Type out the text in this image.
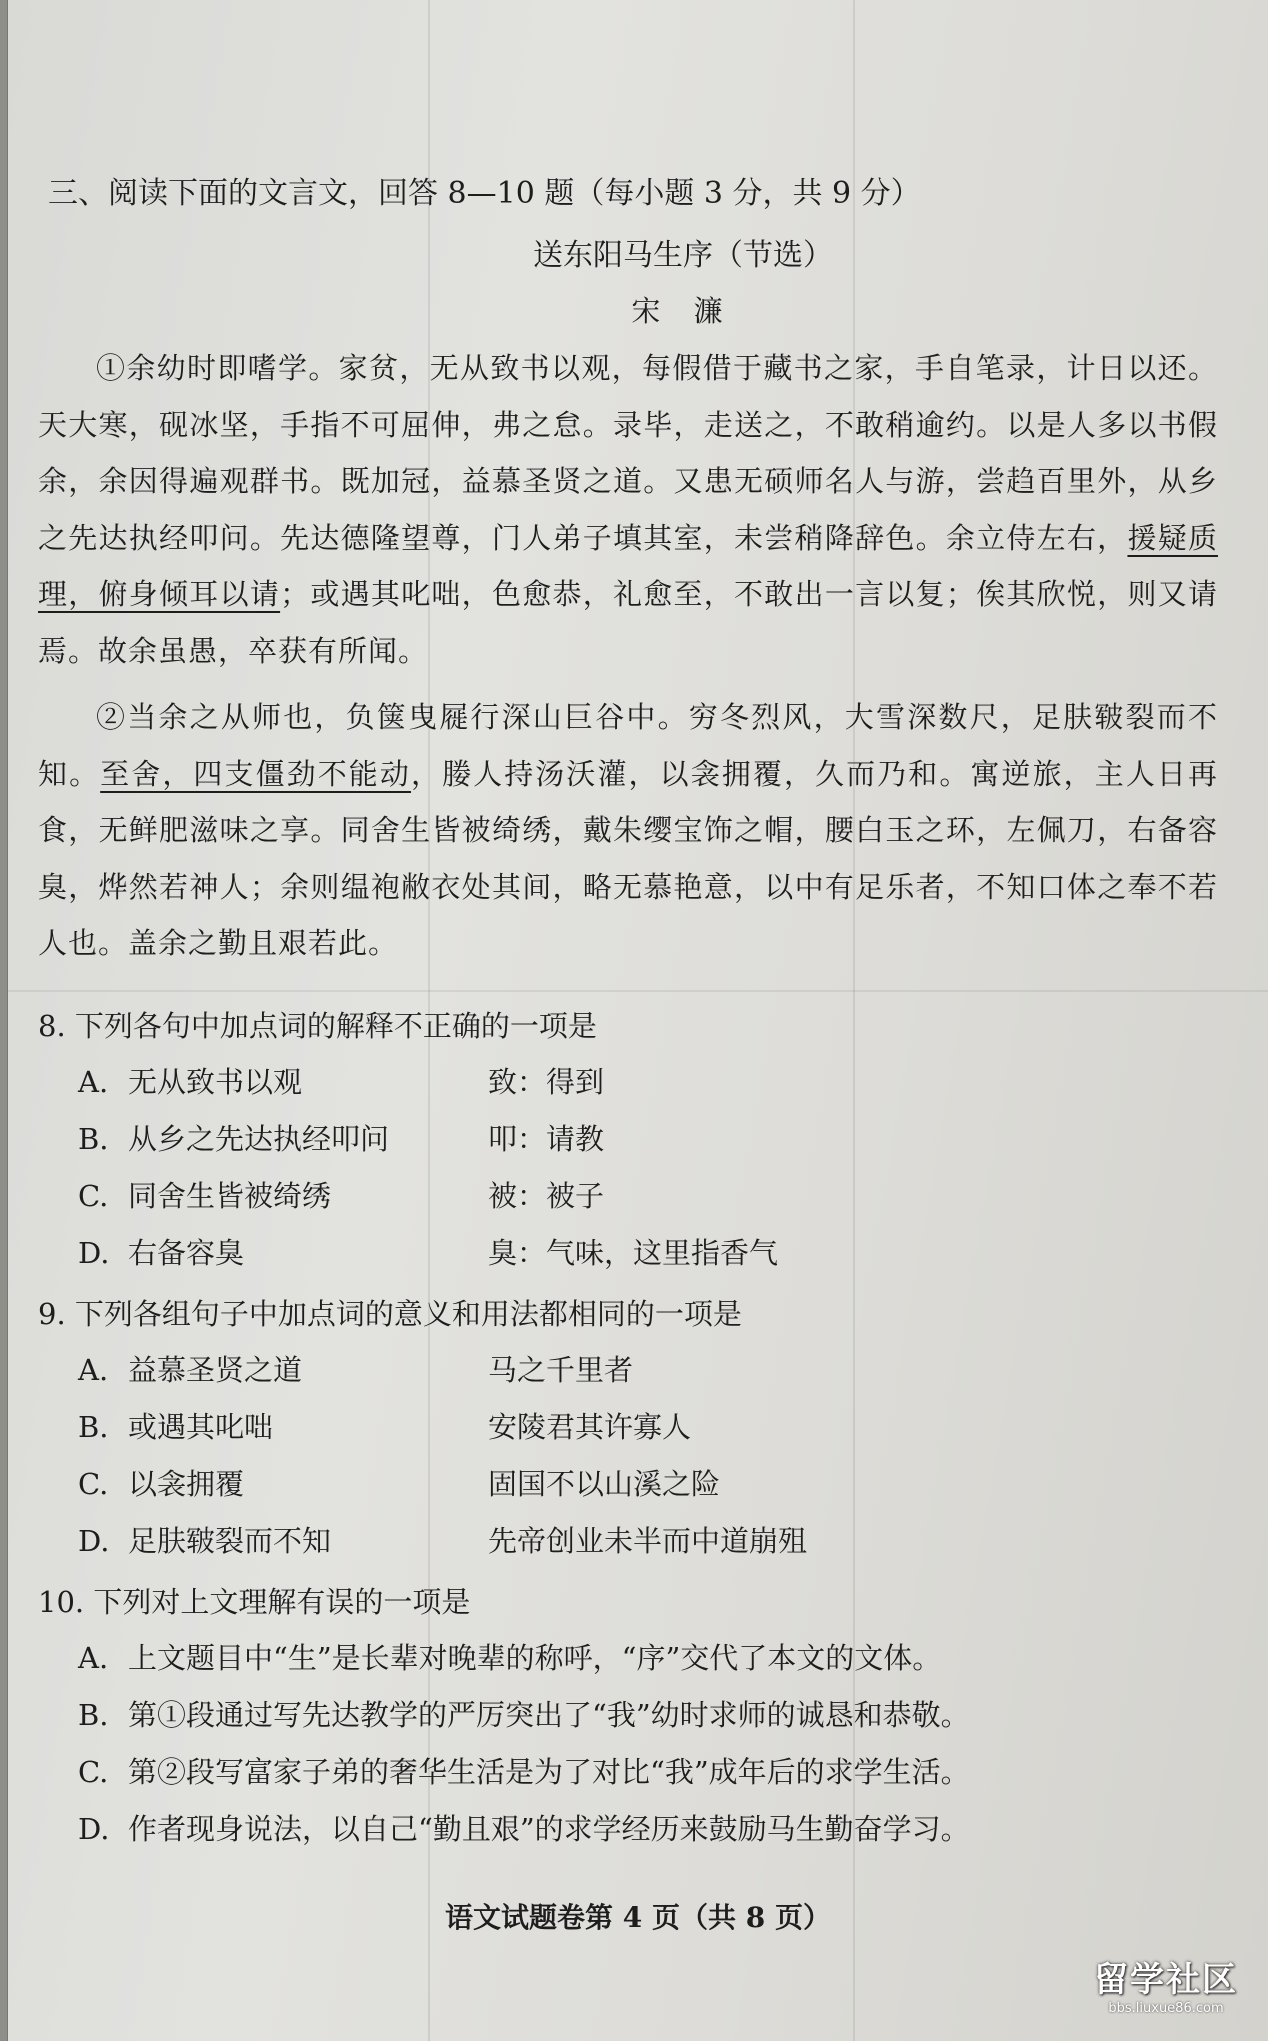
三、阅读下面的文言文，回答 8—10 题（每小题 3 分，共 9 分）
送东阳马生序（节选）
宋 濂
①余幼时即嗜学。家贫，无从致书以观，每假借于藏书之家，手自笔录，计日以还。天大寒，砚冰坚，手指不可屈伸，弗之怠。录毕，走送之，不敢稍逾约。以是人多以书假余，余因得遍观群书。既加冠，益慕圣贤之道。又患无硕师名人与游，尝趋百里外，从乡之先达执经叩问。先达德隆望尊，门人弟子填其室，未尝稍降辞色。余立侍左右，援疑质理，俯身倾耳以请；或遇其叱咄，色愈恭，礼愈至，不敢出一言以复；俟其欣悦，则又请焉。故余虽愚，卒获有所闻。
②当余之从师也，负箧曳屣行深山巨谷中。穷冬烈风，大雪深数尺，足肤皲裂而不知。至舍，四支僵劲不能动，媵人持汤沃灌，以衾拥覆，久而乃和。寓逆旅，主人日再食，无鲜肥滋味之享。同舍生皆被绮绣，戴朱缨宝饰之帽，腰白玉之环，左佩刀，右备容臭，烨然若神人；余则缊袍敝衣处其间，略无慕艳意，以中有足乐者，不知口体之奉不若人也。盖余之勤且艰若此。
8. 下列各句中加点词的解释不正确的一项是
A. 无从致书以观	致：得到
B. 从乡之先达执经叩问	叩：请教
C. 同舍生皆被绮绣	被：被子
D. 右备容臭	臭：气味，这里指香气
9. 下列各组句子中加点词的意义和用法都相同的一项是
A. 益慕圣贤之道	马之千里者
B. 或遇其叱咄	安陵君其许寡人
C. 以衾拥覆	固国不以山溪之险
D. 足肤皲裂而不知	先帝创业未半而中道崩殂
10. 下列对上文理解有误的一项是
A. 上文题目中“生”是长辈对晚辈的称呼，“序”交代了本文的文体。
B. 第①段通过写先达教学的严厉突出了“我”幼时求师的诚恳和恭敬。
C. 第②段写富家子弟的奢华生活是为了对比“我”成年后的求学生活。
D. 作者现身说法，以自己“勤且艰”的求学经历来鼓励马生勤奋学习。
语文试题卷第 4 页（共 8 页）
留学社区
bbs.liuxue86.com
